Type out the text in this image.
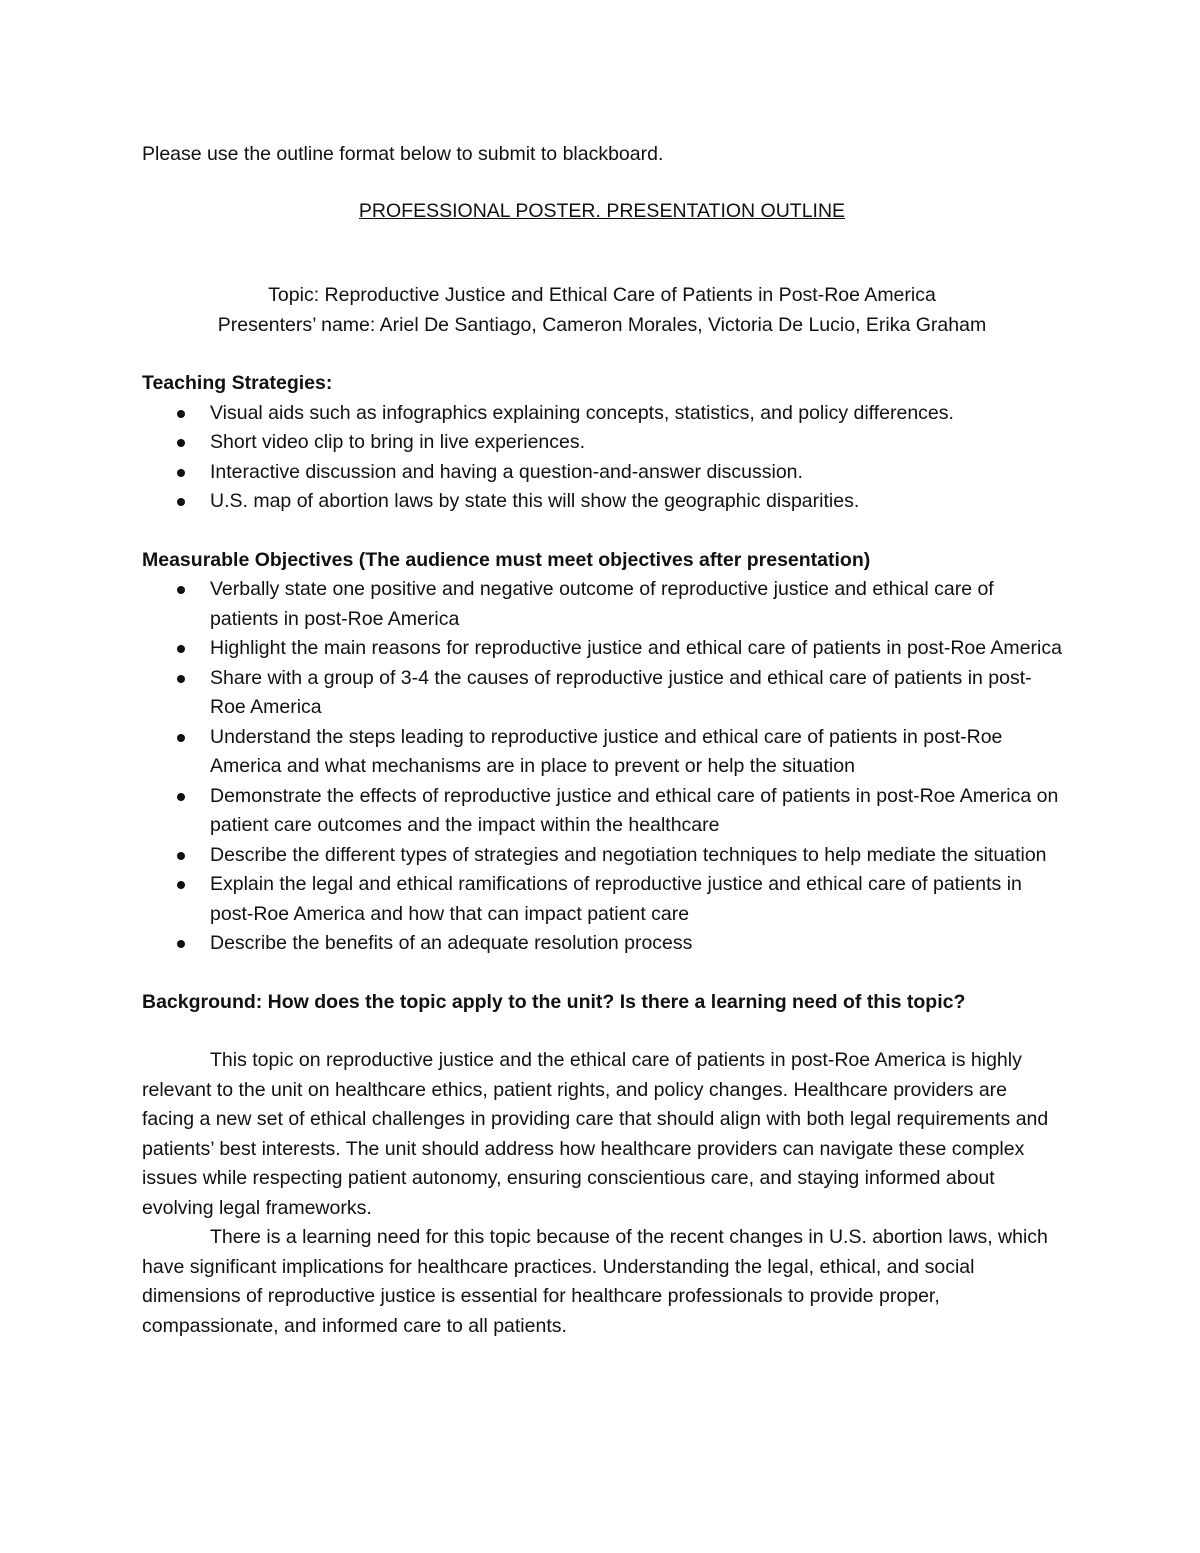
Please use the outline format below to submit to blackboard.

PROFESSIONAL POSTER. PRESENTATION OUTLINE

Topic: Reproductive Justice and Ethical Care of Patients in Post-Roe America

Presenters’ name: Ariel De Santiago, Cameron Morales, Victoria De Lucio, Erika Graham

Teaching Strategies:

Visual aids such as infographics explaining concepts, statistics, and policy differences.
Short video clip to bring in live experiences.
Interactive discussion and having a question-and-answer discussion.
U.S. map of abortion laws by state this will show the geographic disparities.

Measurable Objectives (The audience must meet objectives after presentation)

Verbally state one positive and negative outcome of reproductive justice and ethical care of patients in post-Roe America
Highlight the main reasons for reproductive justice and ethical care of patients in post-Roe America
Share with a group of 3-4 the causes of reproductive justice and ethical care of patients in post-Roe America
Understand the steps leading to reproductive justice and ethical care of patients in post-Roe America and what mechanisms are in place to prevent or help the situation
Demonstrate the effects of reproductive justice and ethical care of patients in post-Roe America on patient care outcomes and the impact within the healthcare
Describe the different types of strategies and negotiation techniques to help mediate the situation
Explain the legal and ethical ramifications of reproductive justice and ethical care of patients in post-Roe America and how that can impact patient care
Describe the benefits of an adequate resolution process

Background: How does the topic apply to the unit? Is there a learning need of this topic?

This topic on reproductive justice and the ethical care of patients in post-Roe America is highly relevant to the unit on healthcare ethics, patient rights, and policy changes. Healthcare providers are facing a new set of ethical challenges in providing care that should align with both legal requirements and patients’ best interests. The unit should address how healthcare providers can navigate these complex issues while respecting patient autonomy, ensuring conscientious care, and staying informed about evolving legal frameworks.

There is a learning need for this topic because of the recent changes in U.S. abortion laws, which have significant implications for healthcare practices. Understanding the legal, ethical, and social dimensions of reproductive justice is essential for healthcare professionals to provide proper, compassionate, and informed care to all patients.
